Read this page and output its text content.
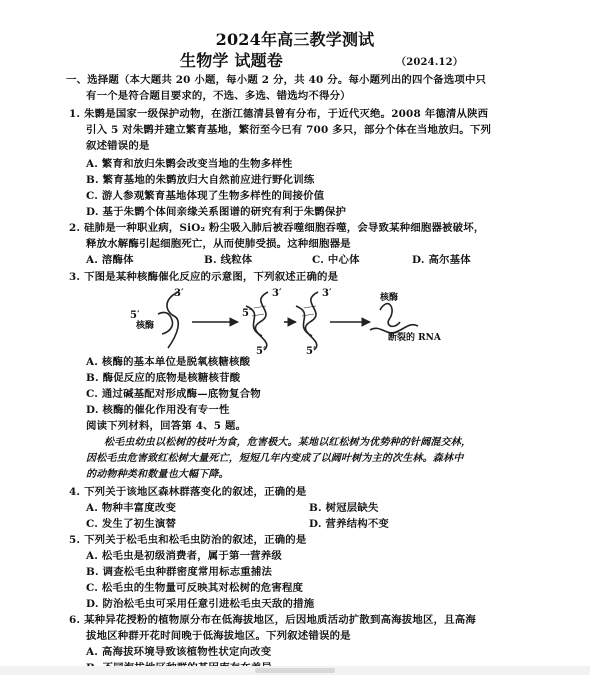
2024年高三教学测试
生物学 试题卷	（2024.12）
一、选择题（本大题共 20 小题，每小题 2 分，共 40 分。每小题列出的四个备选项中只
有一个是符合题目要求的，不选、多选、错选均不得分）
1. 朱鹮是国家一级保护动物，在浙江德清县曾有分布，于近代灭绝。2008 年德清从陕西
引入 5 对朱鹮并建立繁育基地，繁衍至今已有 700 多只，部分个体在当地放归。下列
叙述错误的是
A. 繁育和放归朱鹮会改变当地的生物多样性
B. 繁育基地的朱鹮放归大自然前应进行野化训练
C. 游人参观繁育基地体现了生物多样性的间接价值
D. 基于朱鹮个体间亲缘关系图谱的研究有利于朱鹮保护
2. 硅肺是一种职业病，SiO₂ 粉尘吸入肺后被吞噬细胞吞噬，会导致某种细胞器被破坏，
释放水解酶引起细胞死亡，从而使肺受损。这种细胞器是
A. 溶酶体	B. 线粒体	C. 中心体	D. 高尔基体
3. 下图是某种核酶催化反应的示意图，下列叙述正确的是
3′
5′
核酶
3′
5′
5′
3′
5′
核酶
断裂的 RNA
A. 核酶的基本单位是脱氧核糖核酸
B. 酶促反应的底物是核糖核苷酸
C. 通过碱基配对形成酶—底物复合物
D. 核酶的催化作用没有专一性
阅读下列材料，回答第 4、5 题。
松毛虫幼虫以松树的枝叶为食，危害极大。某地以红松树为优势种的针阔混交林，
因松毛虫危害致红松树大量死亡，短短几年内变成了以阔叶树为主的次生林。森林中
的动物种类和数量也大幅下降。
4. 下列关于该地区森林群落变化的叙述，正确的是
A. 物种丰富度改变	B. 树冠层缺失
C. 发生了初生演替	D. 营养结构不变
5. 下列关于松毛虫和松毛虫防治的叙述，正确的是
A. 松毛虫是初级消费者，属于第一营养级
B. 调查松毛虫种群密度常用标志重捕法
C. 松毛虫的生物量可反映其对松树的危害程度
D. 防治松毛虫可采用任意引进松毛虫天敌的措施
6. 某种异花授粉的植物原分布在低海拔地区，后因地质活动扩散到高海拔地区，且高海
拔地区种群开花时间晚于低海拔地区。下列叙述错误的是
A. 高海拔环境导致该植物性状定向改变
